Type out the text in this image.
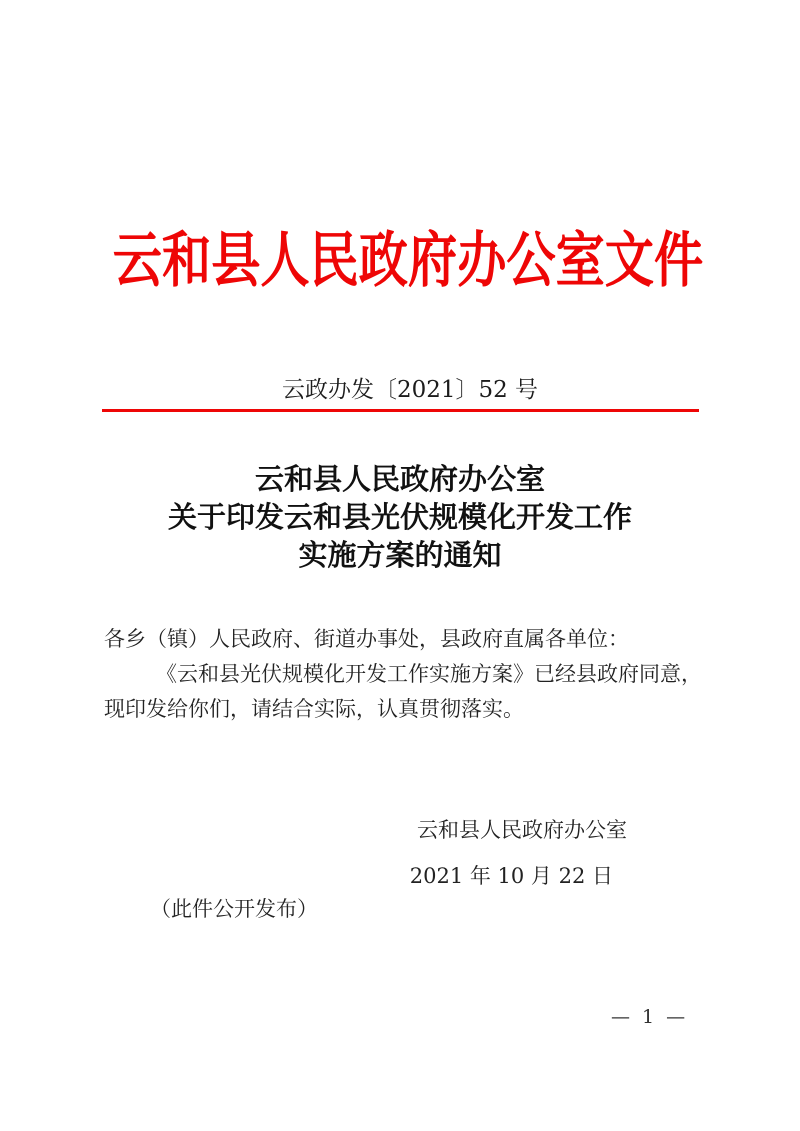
云和县人民政府办公室文件
云政办发〔2021〕52 号
云和县人民政府办公室
关于印发云和县光伏规模化开发工作
实施方案的通知
各乡（镇）人民政府、街道办事处，县政府直属各单位：
《云和县光伏规模化开发工作实施方案》已经县政府同意，
现印发给你们，请结合实际，认真贯彻落实。
云和县人民政府办公室
2021 年 10 月 22 日
（此件公开发布）
— 1 —
